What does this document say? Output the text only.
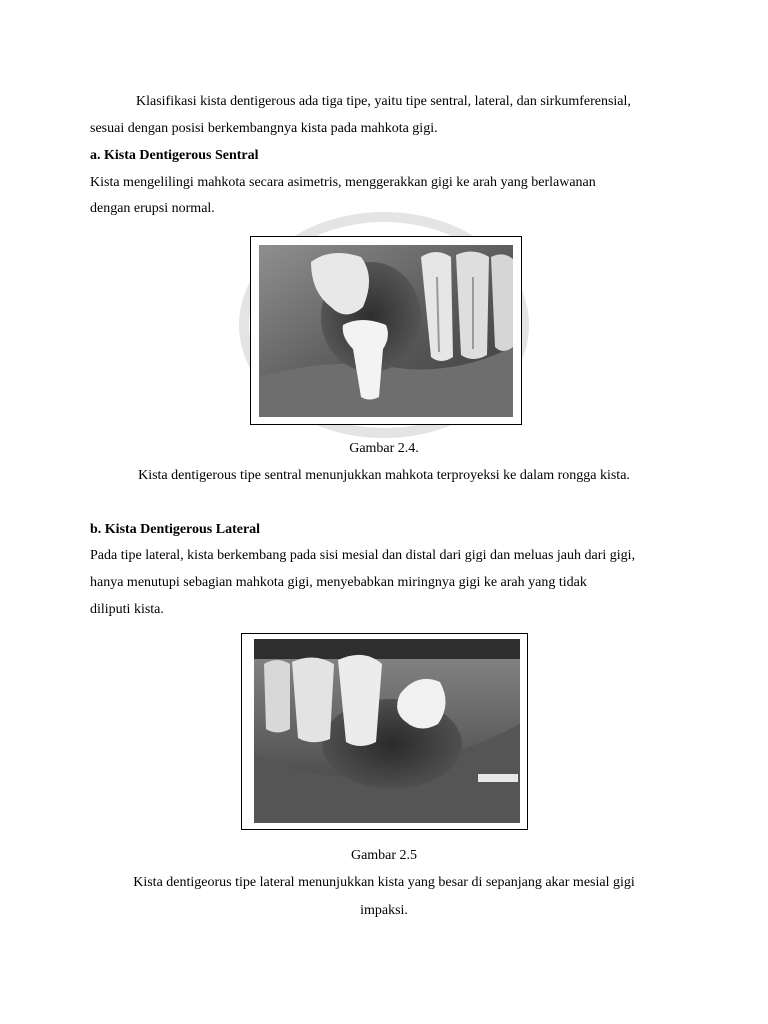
Klasifikasi kista dentigerous ada tiga tipe, yaitu tipe sentral, lateral, dan sirkumferensial,
sesuai dengan posisi berkembangnya kista pada mahkota gigi.
a. Kista Dentigerous Sentral
Kista mengelilingi mahkota secara asimetris, menggerakkan gigi ke arah yang berlawanan
dengan erupsi normal.
Gambar 2.4.
Kista dentigerous tipe sentral menunjukkan mahkota terproyeksi ke dalam rongga kista.
b. Kista Dentigerous Lateral
Pada tipe lateral, kista berkembang pada sisi mesial dan distal dari gigi dan meluas jauh dari gigi,
hanya menutupi sebagian mahkota gigi, menyebabkan miringnya gigi ke arah yang tidak
diliputi kista.
Gambar 2.5
Kista dentigeorus tipe lateral menunjukkan kista yang besar di sepanjang akar mesial gigi
impaksi.
